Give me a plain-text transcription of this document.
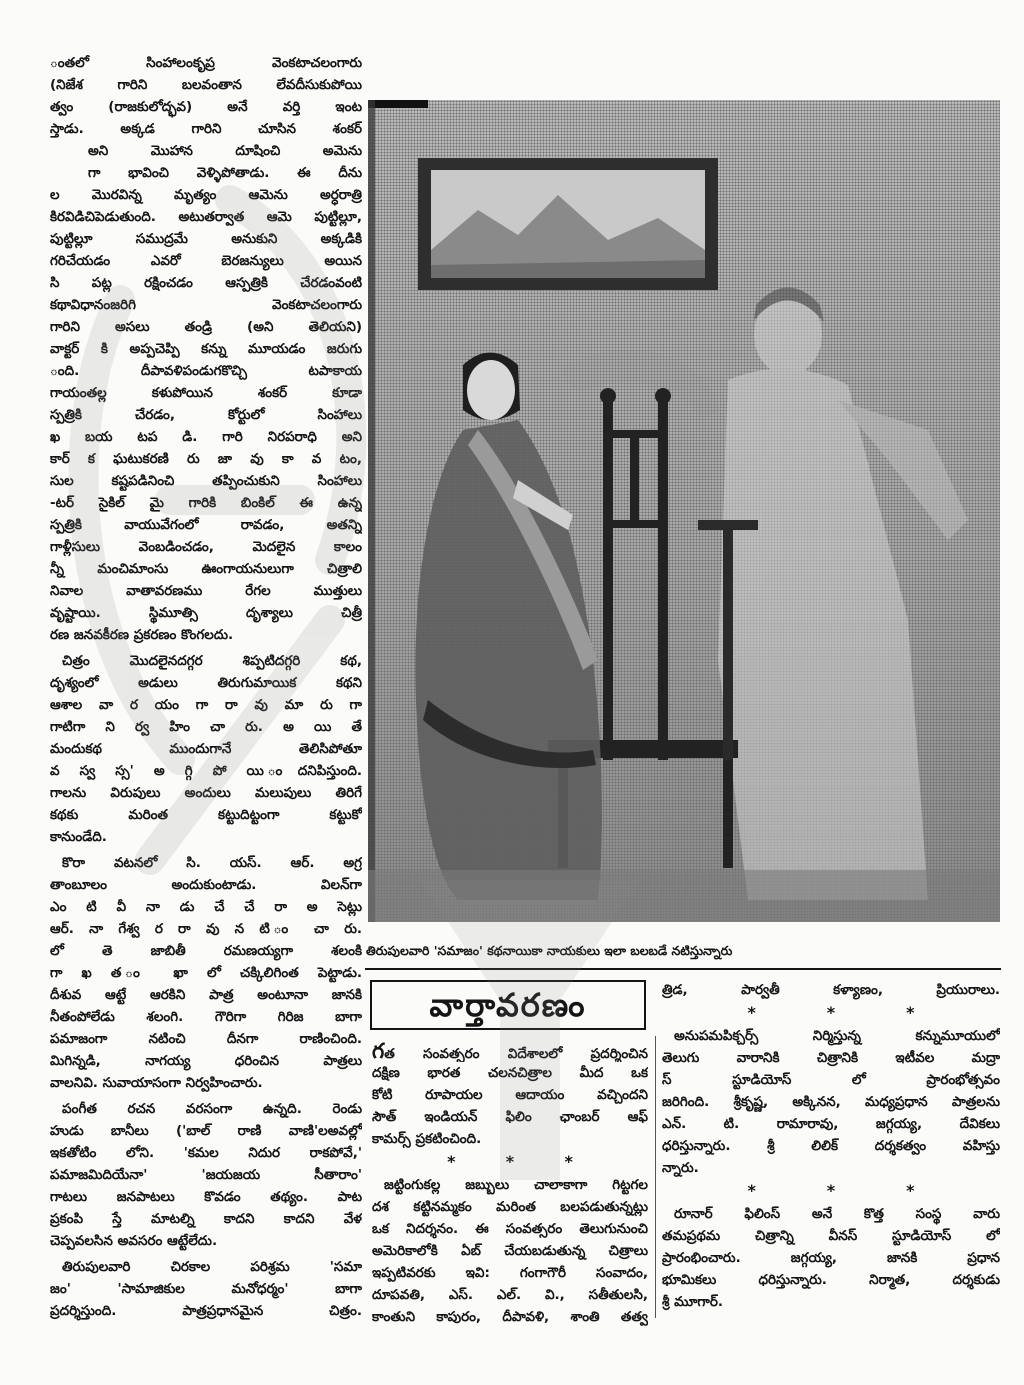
ంతలో సింహాలంకృప్ర వెంకటాచలంగారు
(నిజేశ గారిని బలవంతాన లేవదీసుకుపోయి
త్వం (రాజకులోద్భవ) అనే వర్తి ఇంట
స్తాడు. అక్కడ గారిని చూసిన శంకర్
అని మొహాన దూషించి అమెను
గా భావించి వెళ్ళిపోతాడు. ఈ దీను
ల మొరవిన్న మృత్యం ఆమెను అర్ధరాత్రి
కిరవిడిచిపెడుతుంది. అటుతర్వాత ఆమె పుట్టిల్లూ,
పుట్టిల్లూ సముద్రమే అనుకుని అక్కడికి
గరిచేయడం ఎవరో బెరజన్యులు అయిన
సి పట్ల రక్షించడం ఆస్పత్రికి చేరడంవంటి
కథావిధానంజరిగి వెంకటాచలంగారు
గారిని అసలు తండ్రి (అని తెలియని)
వాక్టర్ కి అప్పచెప్పి కన్ను మూయడం జరుగు
ంది. దీపావళిపండుగకొచ్చి టపాకాయ
గాయంతల్ల కళుపోయిన శంకర్ కూడా
స్పత్రికి చేరడం, కోర్టులో సింహాలు
ఖ బయ టప డి. గారి నిరపరాధి అని
కార్ క ఘటుకరణి రు జా వు కా వ టం,
సుల కష్టపడినించి తప్పించుకుని సింహాలు
-టర్ సైకిల్ మై గారికి బింకిల్ ఈ ఉన్న
స్పత్రికి వాయువేగంలో రావడం, అతన్ని
గాళ్లీసులు వెంబడించడం, మెదలైన కాలం
న్నీ మంచిమాంసు ఊంగాయనులుగా చిత్రాలి
నివాల వాతావరణము రేగల ముత్తులు
వృష్టాయి. స్థిమూత్సి దృశ్యాలు చిత్రీ
రణ జనవకీరణ ప్రకరణం కొంగలదు.
చిత్రం మొదలైనదగ్గర శిప్పటిదగ్గరి కథ,
దృశ్యంలో అడులు తిరుగుమాయిక కథని
ఆశాల వా ర యం గా రా వు మా రు గా
గాటిగా ని ర్వ హిం చా రు. అ యి తే
మందుకథ ముందుగానే తెలిసిపోతూ
వ స్వ స్స' అ గ్గి పో యి ందనిపిస్తుంది.
గాలను విరుపులు అందులు మలుపులు తిరిగే
కథకు మరింత కట్టుదిట్టంగా కట్టుకో
కానుండేది.
కొరా వటనలో సి. యస్. ఆర్. అగ్ర
తాంబూలం అందుకుంటాడు. విలన్‌గా
ఎం టి వీ నా డు చే చే రా అ సెట్లు
ఆర్. నా గేశ్వ ర రా వు న టి ం చా రు.
లో తె జాబితీ రమణయ్యగా శలంకి
గా ఖ త ం ఖా లో చక్కిలిగింత పెట్టాడు.
దీశువ ఆట్టే ఆరకిని పాత్ర అంటూనా జానకి
నీతంపోలేడు శలంగి. గౌరిగా గిరిజ బాగా
పమాజంగా నటించి దీనగా రాణించింది.
మిగిన్నడి, నాగయ్య ధరించిన పాత్రలు
వాలనివి. సువాయాసంగా నిర్వహించారు.
పంగీత రచన వరసంగా ఉన్నది. రెండు
హుడు బానీలు ('బాల్ రాణి వాణి'లఅవల్లో
ఇకతోటిం లోని. 'కమల నిదుర రాకపోవే,'
పమాజమిదియేనా' 'జయజయ సీతారాం'
గాటలు జనపాటలు కొవడం తథ్యం. పాట
ప్రకంపి స్తే మాటల్ని కాదని కాదని వేళ
చెప్పవలసిన అవసరం ఆట్టేలేదు.
తిరుపులవారి చిరకాల పరిశ్రమ 'సమా
జం' 'సామాజికుల మనోధర్మం' బాగా
ప్రదర్శిస్తుంది. పాత్రప్రధానమైన చిత్రం.
తిరుపులవారి 'సమాజం' కథనాయికా నాయకులు ఇలా బలబడే నటిస్తున్నారు
వార్తావరణం
గత సంవత్సరం విదేశాలలో ప్రదర్శించిన
దక్షిణ భారత చలనచిత్రాల మీద ఒక
కోటి రూపాయల ఆదాయం వచ్చిందని
సౌత్ ఇండియన్ ఫిలిం ఛాంబర్ ఆఫ్
కామర్స్ ప్రకటించింది.
*	*	*
జట్టింగుకల్ల జబ్బులు చాలాకాగా గిట్టగల
దశ కట్టినమ్మకం మరింత బలపడుతున్నట్లు
ఒక నిదర్శనం. ఈ సంవత్సరం తెలుగునుంచి
అమెరికాలోకి ఏబ్ చేయబడుతున్న చిత్రాలు
ఇప్పటివరకు ఇవి: గంగాగౌరీ సంవాదం,
దూపవతి, ఎస్. ఎల్. వి., సతీతులసి,
కాంతుని కాపురం, దీపావళి, శాంతి తత్వ
త్రిడ, పార్వతీ కళ్యాణం, ప్రియురాలు.
*	*	*
అనుపమపిక్చర్స్ నిర్మిస్తున్న కన్నుమూయులో
తెలుగు వారానికి చిత్రానికి ఇటీవల మద్రా
స్ స్టూడియోస్ లో ప్రారంభోత్సవం
జరిగింది. శ్రీకృష్ణ, అక్కినన, మధ్యప్రధాన పాత్రలను
ఎన్. టి. రామారావు, జగ్గయ్య, దేవికలు
ధరిస్తున్నారు. శ్రీ లిలిక్ దర్శకత్వం వహిస్తు
న్నారు.
*	*	*
రూనార్ ఫిలింస్ అనే కొత్త సంస్థ వారు
తమప్రథమ చిత్రాన్ని వీనస్ స్టూడియోస్ లో
ప్రారంభించారు. జగ్గయ్య, జానకి ప్రధాన
భూమికలు ధరిస్తున్నారు. నిర్మాత, దర్శకుడు
శ్రీ మూగార్.
